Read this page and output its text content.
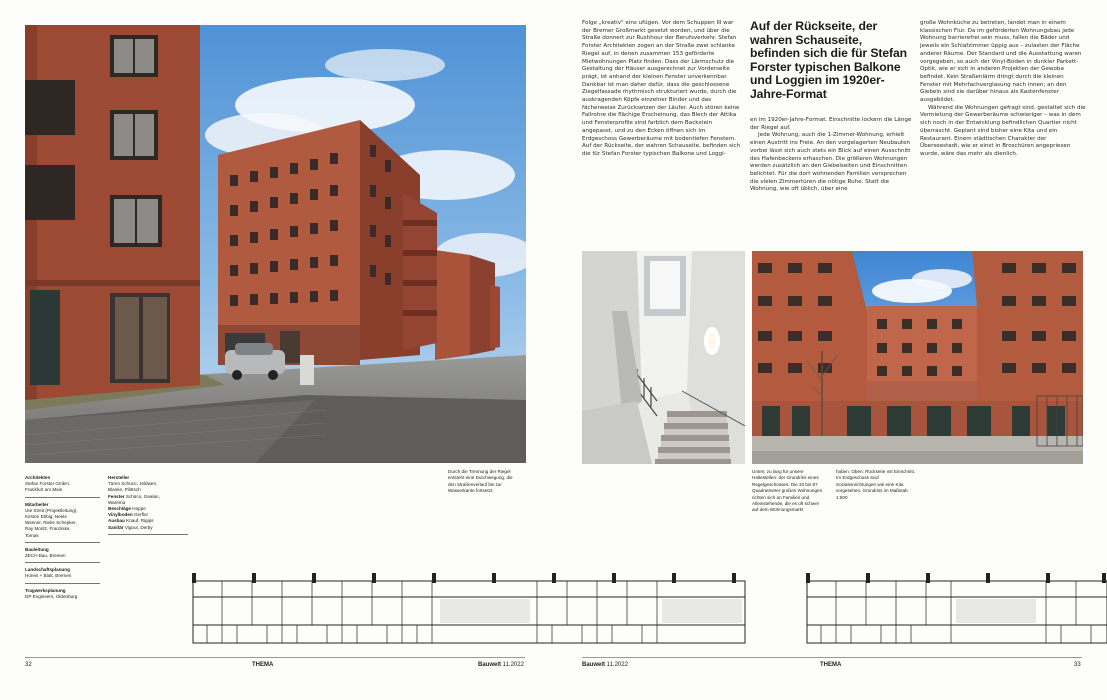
Architekten
Stefan Forster GmbH,
Frankfurt am Main
Mitarbeiter
Ute Streit (Projektleitung),
Kirsten Ebbig, Neele
Wanner, Rieke Schepker,
Ray Moritz, Franziska
Tomas
Bauleitung
ZECH Bau, Bremen
Landschaftsplanung
Horeis + Blatt, Bremen
Tragwerksplanung
DP Engineers, Oldenburg
Hersteller
Türen Schüco, Jeldwen,
Blanke, Pilötsch
Fenster Schüco, Gealan,
Warema
Beschläge Hoppe
Vinylboden Gerflor
Ausbau Knauf, Rigips
Sanitär Vigour, Derby
Durch die Trennung der Riegel entsteht eine Durchwegung, die den Straßenverlauf bis zur Wasserkante fortsetzt.
32	THEMA	Bauwelt 11.2022

Folge „kreativ" eins ufügen. Vor dem Schuppen III war der Bremer Großmarkt gesetzt worden, und über die Straße donnert zur Rushhour der Berufsverkehr. Stefan Forster Architekten zogen an der Straße zwei schlanke Riegel auf, in denen zusammen 153 geförderte Mietwohnungen Platz finden. Dass der Lärmschutz die Gestaltung der Häuser ausgerechnet zur Vorderseite prägt, ist anhand der kleinen Fenster unverkennbar. Dankbar ist man daher dafür, dass die geschlossene Ziegelfassade rhythmisch strukturiert wurde, durch die auskragenden Köpfe einzelner Binder und das fächerweise Zurücksetzen der Läufer. Auch stören keine Fallrohre die flächige Erscheinung, das Blech der Attika und Fensterprofile sind farblich dem Backstein angepasst, und zu den Ecken öffnen sich im Erdgeschoss Gewerberäume mit bodentiefen Fenstern. Auf der Rückseite, der wahren Schauseite, befinden sich die für Stefan Forster typischen Balkone und Loggi-

Auf der Rückseite, der wahren Schauseite, befinden sich die für Stefan Forster typischen Balkone und Loggien im 1920er-Jahre-Format

en im 1920er-Jahre-Format. Einschnitte lockern die Länge der Riegel auf.

Jede Wohnung, auch die 1-Zimmer-Wohnung, erhielt einen Austritt ins Freie. An den vorgelagerten Neubauten vorbei lässt sich auch stets ein Blick auf einen Ausschnitt des Hafenbeckens erhaschen. Die größeren Wohnungen werden zusätzlich an den Giebelseiten und Einschnitten belichtet. Für die dort wohnenden Familien versprechen die vielen Zimmertüren die nötige Ruhe. Statt die Wohnung, wie oft üblich, über eine

große Wohnküche zu betreten, landet man in einem klassischen Flur. Da im geförderten Wohnungsbau jede Wohnung barrierefrei sein muss, fallen die Bäder und jeweils ein Schlafzimmer üppig aus – zulasten der Fläche anderer Räume. Der Standard und die Ausstattung waren vorgegeben, so auch der Vinyl-Boden in dunkler Parkett-Optik, wie er sich in anderen Projekten der Gewoba befindet. Kein Straßenlärm dringt durch die kleinen Fenster mit Mehrfachverglasung nach innen; an den Giebeln sind sie darüber hinaus als Kastenfenster ausgebildet.

Während die Wohnungen gefragt sind, gestaltet sich die Vermietung der Gewerberäume schwieriger – was in dem sich noch in der Entwicklung befindlichen Quartier nicht überrascht. Geplant sind bisher eine Kita und ein Restaurant. Einem städtischen Charakter der Überseestadt, wie er einst in Broschüren angepriesen wurde, wäre das mehr als dienlich.

Unten, zu lang für unsere Haltestellen: der Grundriss eines Regelgeschosses. Die 33 bis 97 Quadratmeter großen Wohnungen richten sich an Familien und Alleinstehende, die es oft schwer auf dem Wohnungsmarkt
haben. Oben: Rückseite mit Einschnitt. Im Erdgeschoss sind Sozialeinrichtungen wie eine Kita vorgesehen. Grundriss im Maßstab 1:500
Bauwelt 11.2022	THEMA	33
